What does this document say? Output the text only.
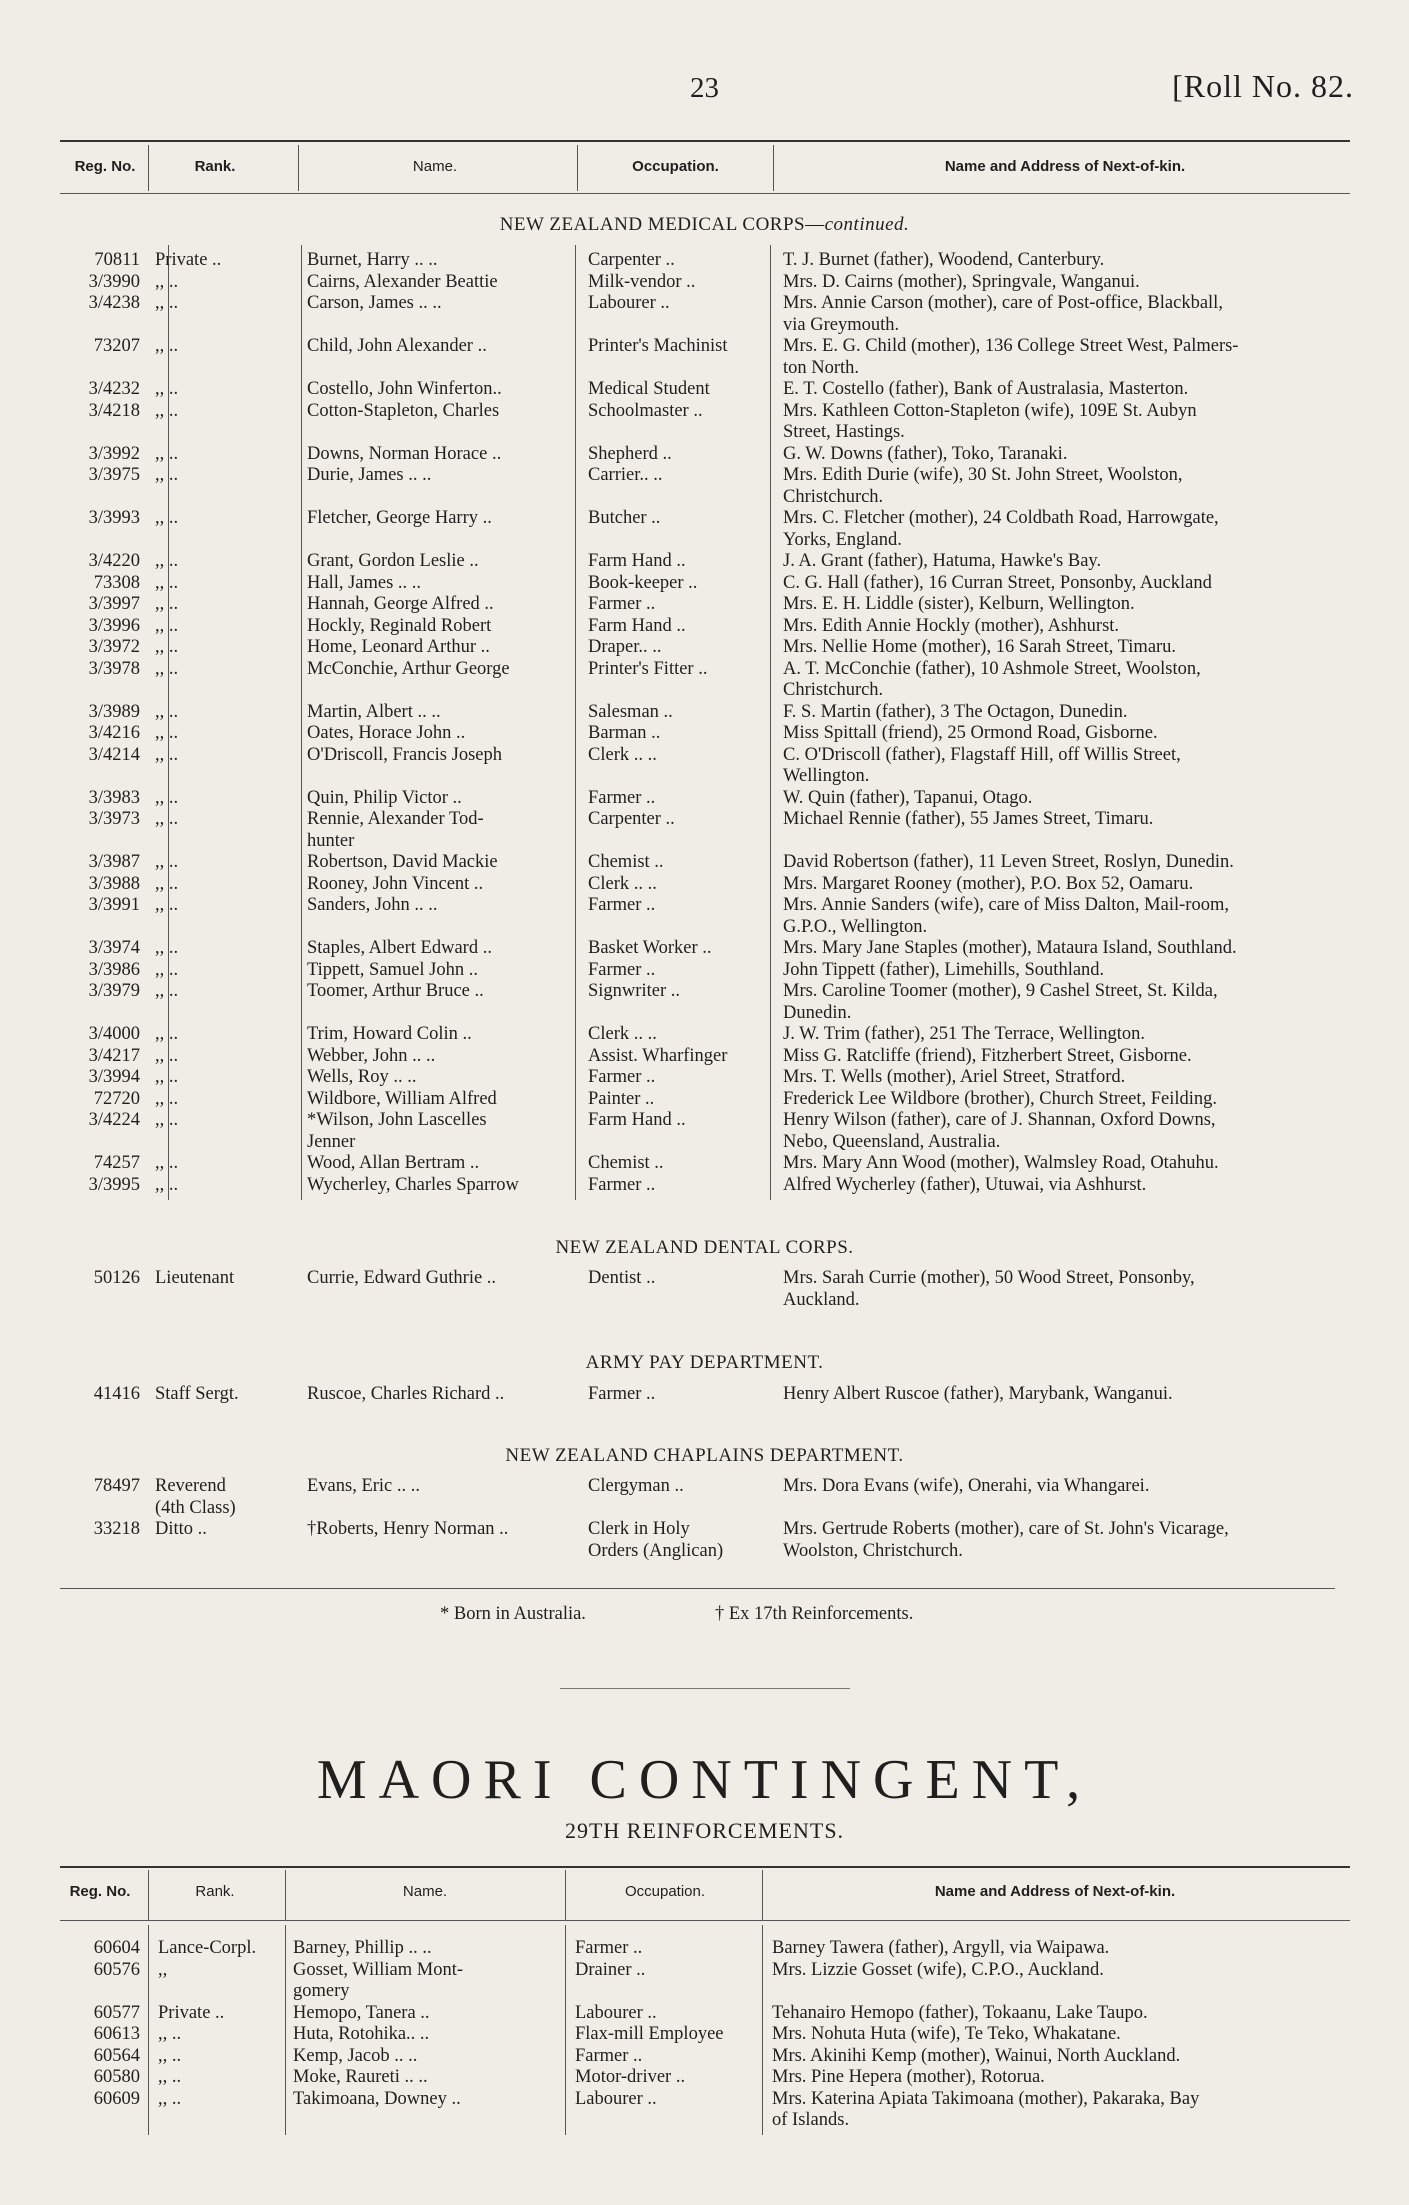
23	[Roll No. 82.
Reg. No.	Rank.	Name.	Occupation.	Name and Address of Next-of-kin.
NEW ZEALAND MEDICAL CORPS—continued.
70811 Private ..	Burnet, Harry .. ..	Carpenter ..	T. J. Burnet (father), Woodend, Canterbury.
3/3990 ,, ..	Cairns, Alexander Beattie	Milk-vendor ..	Mrs. D. Cairns (mother), Springvale, Wanganui.
3/4238 ,, ..	Carson, James .. ..	Labourer ..	Mrs. Annie Carson (mother), care of Post-office, Blackball,
via Greymouth.
73207 ,, ..	Child, John Alexander ..	Printer's Machinist	Mrs. E. G. Child (mother), 136 College Street West, Palmers-
ton North.
3/4232 ,, ..	Costello, John Winferton..	Medical Student	E. T. Costello (father), Bank of Australasia, Masterton.
3/4218 ,, ..	Cotton-Stapleton, Charles	Schoolmaster ..	Mrs. Kathleen Cotton-Stapleton (wife), 109E St. Aubyn
Street, Hastings.
3/3992 ,, ..	Downs, Norman Horace ..	Shepherd ..	G. W. Downs (father), Toko, Taranaki.
3/3975 ,, ..	Durie, James .. ..	Carrier.. ..	Mrs. Edith Durie (wife), 30 St. John Street, Woolston,
Christchurch.
3/3993 ,, ..	Fletcher, George Harry ..	Butcher ..	Mrs. C. Fletcher (mother), 24 Coldbath Road, Harrowgate,
Yorks, England.
3/4220 ,, ..	Grant, Gordon Leslie ..	Farm Hand ..	J. A. Grant (father), Hatuma, Hawke's Bay.
73308 ,, ..	Hall, James .. ..	Book-keeper ..	C. G. Hall (father), 16 Curran Street, Ponsonby, Auckland
3/3997 ,, ..	Hannah, George Alfred ..	Farmer ..	Mrs. E. H. Liddle (sister), Kelburn, Wellington.
3/3996 ,, ..	Hockly, Reginald Robert	Farm Hand ..	Mrs. Edith Annie Hockly (mother), Ashhurst.
3/3972 ,, ..	Home, Leonard Arthur ..	Draper.. ..	Mrs. Nellie Home (mother), 16 Sarah Street, Timaru.
3/3978 ,, ..	McConchie, Arthur George	Printer's Fitter ..	A. T. McConchie (father), 10 Ashmole Street, Woolston,
Christchurch.
3/3989 ,, ..	Martin, Albert .. ..	Salesman ..	F. S. Martin (father), 3 The Octagon, Dunedin.
3/4216 ,, ..	Oates, Horace John ..	Barman ..	Miss Spittall (friend), 25 Ormond Road, Gisborne.
3/4214 ,, ..	O'Driscoll, Francis Joseph	Clerk .. ..	C. O'Driscoll (father), Flagstaff Hill, off Willis Street,
Wellington.
3/3983 ,, ..	Quin, Philip Victor ..	Farmer ..	W. Quin (father), Tapanui, Otago.
3/3973 ,, ..	Rennie, Alexander Tod-	Carpenter ..	Michael Rennie (father), 55 James Street, Timaru.
hunter
3/3987 ,, ..	Robertson, David Mackie	Chemist ..	David Robertson (father), 11 Leven Street, Roslyn, Dunedin.
3/3988 ,, ..	Rooney, John Vincent ..	Clerk .. ..	Mrs. Margaret Rooney (mother), P.O. Box 52, Oamaru.
3/3991 ,, ..	Sanders, John .. ..	Farmer ..	Mrs. Annie Sanders (wife), care of Miss Dalton, Mail-room,
G.P.O., Wellington.
3/3974 ,, ..	Staples, Albert Edward ..	Basket Worker ..	Mrs. Mary Jane Staples (mother), Mataura Island, Southland.
3/3986 ,, ..	Tippett, Samuel John ..	Farmer ..	John Tippett (father), Limehills, Southland.
3/3979 ,, ..	Toomer, Arthur Bruce ..	Signwriter ..	Mrs. Caroline Toomer (mother), 9 Cashel Street, St. Kilda,
Dunedin.
3/4000 ,, ..	Trim, Howard Colin ..	Clerk .. ..	J. W. Trim (father), 251 The Terrace, Wellington.
3/4217 ,, ..	Webber, John .. ..	Assist. Wharfinger	Miss G. Ratcliffe (friend), Fitzherbert Street, Gisborne.
3/3994 ,, ..	Wells, Roy .. ..	Farmer ..	Mrs. T. Wells (mother), Ariel Street, Stratford.
72720 ,, ..	Wildbore, William Alfred	Painter ..	Frederick Lee Wildbore (brother), Church Street, Feilding.
3/4224 ,, ..	*Wilson, John Lascelles	Farm Hand ..	Henry Wilson (father), care of J. Shannan, Oxford Downs,
Jenner	Nebo, Queensland, Australia.
74257 ,, ..	Wood, Allan Bertram ..	Chemist ..	Mrs. Mary Ann Wood (mother), Walmsley Road, Otahuhu.
3/3995 ,, ..	Wycherley, Charles Sparrow	Farmer ..	Alfred Wycherley (father), Utuwai, via Ashhurst.
NEW ZEALAND DENTAL CORPS.
50126 Lieutenant	Currie, Edward Guthrie ..	Dentist ..	Mrs. Sarah Currie (mother), 50 Wood Street, Ponsonby,
Auckland.
ARMY PAY DEPARTMENT.
41416 Staff Sergt.	Ruscoe, Charles Richard ..	Farmer ..	Henry Albert Ruscoe (father), Marybank, Wanganui.
NEW ZEALAND CHAPLAINS DEPARTMENT.
78497 Reverend	Evans, Eric .. ..	Clergyman ..	Mrs. Dora Evans (wife), Onerahi, via Whangarei.
(4th Class)
33218 Ditto ..	†Roberts, Henry Norman ..	Clerk in Holy	Mrs. Gertrude Roberts (mother), care of St. John's Vicarage,
Orders (Anglican)	Woolston, Christchurch.
* Born in Australia.	† Ex 17th Reinforcements.
MAORI CONTINGENT,
29TH REINFORCEMENTS.
Reg. No.	Rank.	Name.	Occupation.	Name and Address of Next-of-kin.
60604 Lance-Corpl.	Barney, Phillip .. ..	Farmer ..	Barney Tawera (father), Argyll, via Waipawa.
60576 ,,	Gosset, William Mont-	Drainer ..	Mrs. Lizzie Gosset (wife), C.P.O., Auckland.
gomery
60577 Private ..	Hemopo, Tanera ..	Labourer ..	Tehanairo Hemopo (father), Tokaanu, Lake Taupo.
60613 ,, ..	Huta, Rotohika.. ..	Flax-mill Employee	Mrs. Nohuta Huta (wife), Te Teko, Whakatane.
60564 ,, ..	Kemp, Jacob .. ..	Farmer ..	Mrs. Akinihi Kemp (mother), Wainui, North Auckland.
60580 ,, ..	Moke, Raureti .. ..	Motor-driver ..	Mrs. Pine Hepera (mother), Rotorua.
60609 ,, ..	Takimoana, Downey ..	Labourer ..	Mrs. Katerina Apiata Takimoana (mother), Pakaraka, Bay
of Islands.
